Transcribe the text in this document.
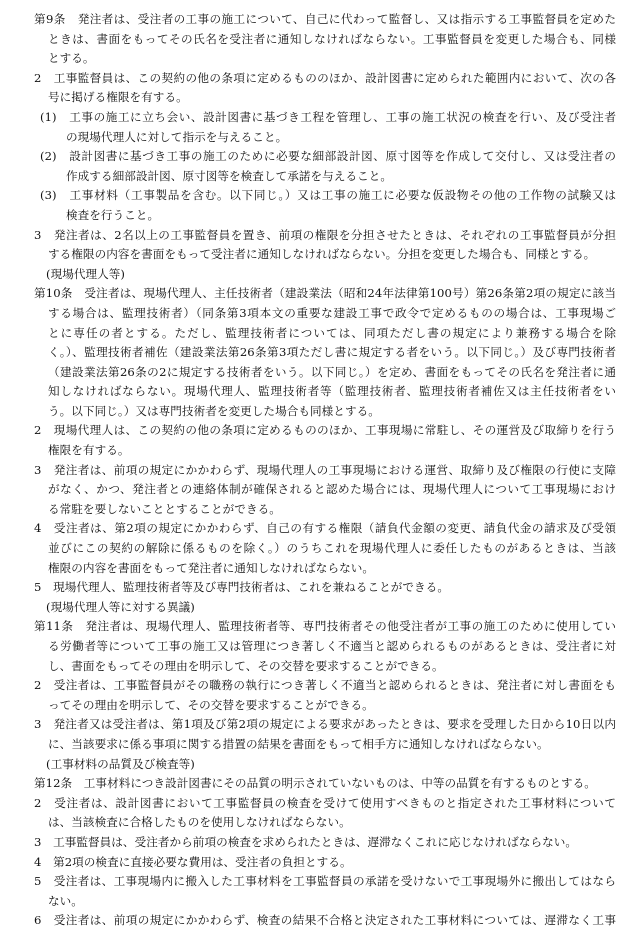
第9条　発注者は、受注者の工事の施工について、自己に代わって監督し、又は指示する工事監督員を定めた
ときは、書面をもってその氏名を受注者に通知しなければならない。工事監督員を変更した場合も、同様
とする。
2　工事監督員は、この契約の他の条項に定めるもののほか、設計図書に定められた範囲内において、次の各
号に掲げる権限を有する。
(1)　工事の施工に立ち会い、設計図書に基づき工程を管理し、工事の施工状況の検査を行い、及び受注者
の現場代理人に対して指示を与えること。
(2)　設計図書に基づき工事の施工のために必要な細部設計図、原寸図等を作成して交付し、又は受注者の
作成する細部設計図、原寸図等を検査して承諾を与えること。
(3)　工事材料（工事製品を含む。以下同じ。）又は工事の施工に必要な仮設物その他の工作物の試験又は
検査を行うこと。
3　発注者は、2名以上の工事監督員を置き、前項の権限を分担させたときは、それぞれの工事監督員が分担
する権限の内容を書面をもって受注者に通知しなければならない。分担を変更した場合も、同様とする。
(現場代理人等)
第10条　受注者は、現場代理人、主任技術者（建設業法（昭和24年法律第100号）第26条第2項の規定に該当
する場合は、監理技術者）（同条第3項本文の重要な建設工事で政令で定めるものの場合は、工事現場ご
とに専任の者とする。ただし、監理技術者については、同項ただし書の規定により兼務する場合を除
く。）、監理技術者補佐（建設業法第26条第3項ただし書に規定する者をいう。以下同じ。）及び専門技術者
（建設業法第26条の2に規定する技術者をいう。以下同じ。）を定め、書面をもってその氏名を発注者に通
知しなければならない。現場代理人、監理技術者等（監理技術者、監理技術者補佐又は主任技術者をい
う。以下同じ。）又は専門技術者を変更した場合も同様とする。
2　現場代理人は、この契約の他の条項に定めるもののほか、工事現場に常駐し、その運営及び取締りを行う
権限を有する。
3　発注者は、前項の規定にかかわらず、現場代理人の工事現場における運営、取締り及び権限の行使に支障
がなく、かつ、発注者との連絡体制が確保されると認めた場合には、現場代理人について工事現場におけ
る常駐を要しないこととすることができる。
4　受注者は、第2項の規定にかかわらず、自己の有する権限（請負代金額の変更、請負代金の請求及び受領
並びにこの契約の解除に係るものを除く。）のうちこれを現場代理人に委任したものがあるときは、当該
権限の内容を書面をもって発注者に通知しなければならない。
5　現場代理人、監理技術者等及び専門技術者は、これを兼ねることができる。
(現場代理人等に対する異議)
第11条　発注者は、現場代理人、監理技術者等、専門技術者その他受注者が工事の施工のために使用してい
る労働者等について工事の施工又は管理につき著しく不適当と認められるものがあるときは、受注者に対
し、書面をもってその理由を明示して、その交替を要求することができる。
2　受注者は、工事監督員がその職務の執行につき著しく不適当と認められるときは、発注者に対し書面をも
ってその理由を明示して、その交替を要求することができる。
3　発注者又は受注者は、第1項及び第2項の規定による要求があったときは、要求を受理した日から10日以内
に、当該要求に係る事項に関する措置の結果を書面をもって相手方に通知しなければならない。
(工事材料の品質及び検査等)
第12条　工事材料につき設計図書にその品質の明示されていないものは、中等の品質を有するものとする。
2　受注者は、設計図書において工事監督員の検査を受けて使用すべきものと指定された工事材料について
は、当該検査に合格したものを使用しなければならない。
3　工事監督員は、受注者から前項の検査を求められたときは、遅滞なくこれに応じなければならない。
4　第2項の検査に直接必要な費用は、受注者の負担とする。
5　受注者は、工事現場内に搬入した工事材料を工事監督員の承諾を受けないで工事現場外に搬出してはなら
ない。
6　受注者は、前項の規定にかかわらず、検査の結果不合格と決定された工事材料については、遅滞なく工事
